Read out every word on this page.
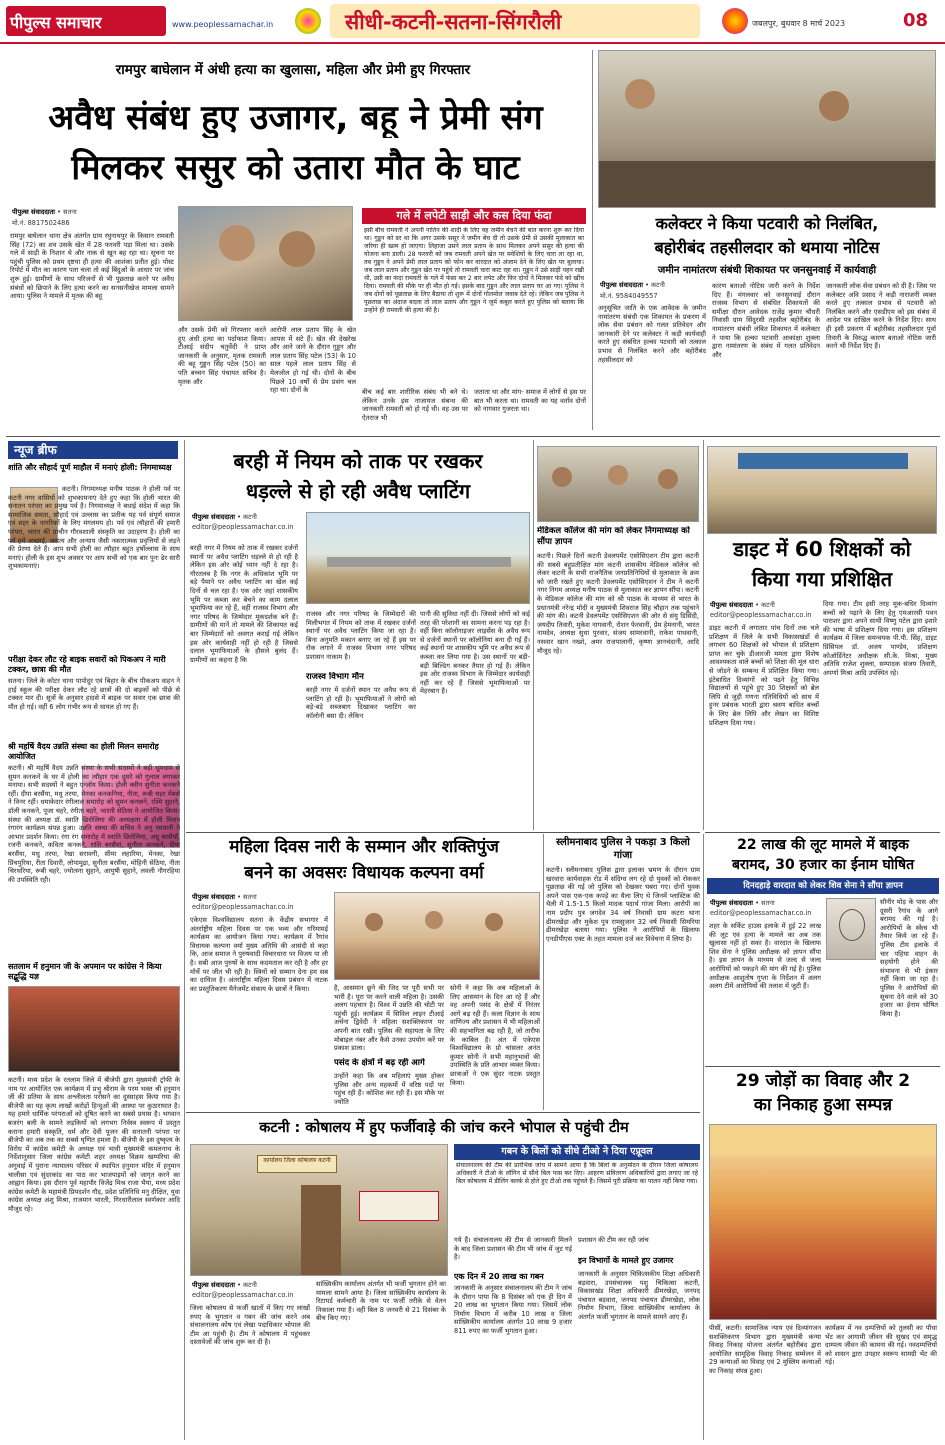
पीपुल्स समाचार	www.peoplessamachar.in	सीधी-कटनी-सतना-सिंगरौली	जबलपुर, बुधवार 8 मार्च 2023	08
रामपुर बाघेलान में अंधी हत्या का खुलासा, महिला और प्रेमी हुए गिरफ्तार
अवैध संबंध हुए उजागर, बहू ने प्रेमी संग
मिलकर ससुर को उतारा मौत के घाट
पीपुल्स संवाददाता • सतना
मो.नं. 8817502486
रामपुर बाघेलान थाना क्षेत्र अंतर्गत ग्राम रघुनाथपुर के किसान रामवती सिंह (72) का शव उसके खेत में 28 फरवरी पड़ा मिला था। उसके गले में साड़ी के निशान थे और नाक से खून बह रहा था। सूचना पर पहुंची पुलिस को प्रथम दृष्टया ही हत्या की आशंका प्रतीत हुई। पोस्ट रिपोर्ट में मौत का कारण पता चला तो कई बिंदुओं के आधार पर जांच शुरू हुई। ग्रामीणों के साथ परिजनों से भी पूछताछ करने पर अवैध संबंधों को छिपाने के लिए हत्या करने का सनसनीखेज मामला सामने आया। पुलिस ने मामले में मृतक की बहू
और उसके प्रेमी को गिरफ्तार करते हुए अंधी हत्या का पर्दाफाश किया। टीआई संदीप चतुर्वेदी ने प्राप्त जानकारी के अनुसार, मृतक रामवती की बहू गुड्डन सिंह पटेल (50) का पति बच्चन सिंह पंचायत सचिव है। मृतक और
आरोपी लाल प्रताप सिंह के खेत आपस में सटे हैं। खेत की देखरेख और आने जाने के दौरान गुड्डन और लाल प्रताप सिंह पटेल (53) के 10 साल पहले लाल प्रताप सिंह से मेलजोल हो गई थी। दोनों के बीच पिछले 10 वर्षों से प्रेम प्रसंग चल रहा था। दोनों के	बीच कई बार शारीरिक संबंध भी बने थे। लेकिन उनके इस नाजायज संबन्ध की जानकारी रामवती को हो गई थी। वह उस पर ऐतराज भी
जताता था और मांग- समाज में लोगों से इस पर बात भी करता था। रामवती का यह वर्ताव दोनों को नागवार गुजरता था।
गले में लपेटी साड़ी और कस दिया फंदा
इसी बीच रामवती ने अपनी नातिन की शादी के लिए वह जमीन बेचने की बात करना शुरू कर दिया था। गुड्डन को डर था कि अगर उसके ससुर ने जमीन बेच दी तो उसके प्रेमी से उसकी मुलाकात का जरिया ही खत्म हो जाएगा। लिहाजा उसने लाल प्रताप के साथ मिलकर अपने ससुर की हत्या की योजना बना डाली। 28 फरवरी को जब रामवती अपने खेत पर मवेशियों के लिए चारा ला रहा था, तब गुड्डन ने अपने प्रेमी लाल प्रताप को फोन कर वारदात को अंजाम देने के लिए खेत पर बुलाया। जब लाल प्रताप और गुड्डन खेत पर पहुंचे तो रामवती चारा काट रहा था। गुड्डन ने उसे साड़ी पहन रखी थी, उसी का फंदा रामवती के गले में फंसा कर 2 बार लपेट और फिर दोनों ने मिलकर फंदे को खींच दिया। रामवती की मौके पर ही मौत हो गई। इसके बाद गुड्डन और लाल प्रताप घर आ गए। पुलिस ने जब दोनों को पूछताछ के लिए बैठाया तो शुरू में दोनों गोलमोल जवाब देते रहे। लेकिन जब पुलिस ने पूछताछ का अंदाज बदला तो लाल प्रताप और गुड्डन ने जुर्म कबूल करते हुए पुलिस को बताया कि उन्होंने ही रामवती की हत्या की है।
कलेक्टर ने किया पटवारी को निलंबित,
बहोरीबंद तहसीलदार को थमाया नोटिस
जमीन नामांतरण संबंधी शिकायत पर जनसुनवाई में कार्यवाही
पीपुल्स संवाददाता • कटनी
मो.नं. 9584049557
अनुसूचित जाति के एक आवेदक के जमीन नामांतरण संबंधी एक शिकायत के प्रकरण में लोक सेवा प्रबंधन को गलत प्रतिवेदन और जानकारी देने पर कलेक्टर ने कड़ी कार्यवाही करते हुए संबंधित हल्का पटवारी को तत्काल प्रभाव से निलंबित करने और बहोरीबंद तहसीलदार को
कारण बताओ नोटिस जारी करने के निर्देश दिए हैं। मंगलवार को जनसुनवाई दौरान राजस्व विभाग से संबंधित शिकायतों की समीक्षा दौरान आवेदक राजेंद्र कुमार चौधरी निवासी ग्राम सिंदुरसी तहसील बहोरीबंद के नामांतरण संबंधी लंबित शिकायत में कलेक्टर ने पाया कि हल्का पटवारी आकांक्षा शुक्ला द्वारा नामांतरण के संबंध में गलत प्रतिवेदन और
जानकारी लोक सेवा प्रबंधन को दी है। जिस पर कलेक्टर अवि प्रसाद ने कड़ी नाराजगी व्यक्त करते हुए तत्काल प्रभाव से पटवारी को निलंबित करने और एसडीएम को इस संबंध में आदेश पत्र दाखिल करने के निर्देश दिए। साथ ही इसी प्रकरण में बहोरीबंद तहसीलदार पूर्वा तिवारी के विरुद्ध कारण बताओ नोटिस जारी करने भी निर्देश दिए हैं।
न्यूज ब्रीफ
शांति और सौहार्द पूर्ण माहौल में मनाएं होली: निगमाध्यक्ष
कटनी। निगमाध्यक्ष मनीष पाठक ने होली पर्व पर कटनी नगर वासियों को शुभकामनाएं देते हुए कहा कि होली भारत की सनातन परंपरा का प्रमुख पर्व है। निगमाध्यक्ष ने बधाई संदेश में कहा कि सामाजिक समता, सौहार्द एवं उल्लास का प्रतीक यह पर्व संपूर्ण समाज एवं शहर के नागरिकों के लिए मंगलमय हो। पर्व एवं त्यौहारों की हमारी परंपरा, भारत की प्राचीन गौरवशाली संस्कृति का उदाहरण है। होली का पर्व हमें अच्छाई, असत्य और अन्याय जैसी नकारात्मक प्रवृत्तियों से लड़ने की प्रेरणा देते हैं। आप सभी होली का त्यौहार बहुत हर्षोल्लास के साथ मनाएं। होली के इस शुभ अवसर पर आप सभी को एक बार पुनः ढेर सारी शुभकामनाएं।
परीक्षा देकर लौट रहे बाइक सवारों को पिकअप ने मारी टक्कर, छात्रा की मौत
सतना। जिले के कोटर थाना पापोदुर एवं बिहार के बीच पीकअप वाहन ने हाई स्कूल की परीक्षा देकर लौट रहे छात्रों की दो बाइकों को पीछे से टक्कर मार दी। सूत्रों के अनुसार हादसे में बाइक पर सवार एक छात्रा की मौत हो गई। वहीं 6 लोग गंभीर रूप से घायल हो गए हैं।
श्री महर्षि वैदय उन्नति संस्था का होली मिलन समारोह आयोजित
कटनी। श्री महर्षि वैदय उन्नति संस्था के सभी सदस्यों ने बड़ी धूमधाम से सुमन कनकने के घर में होली का त्यौहार एक दूसरे को गुलाल लगाकर मनाया। सभी सदस्यों ने बहुत एन्जॉय किया। होली क्वीन सुनीता कनकने रहीं। दीपा बरसैंया, मधु तरया, मेनका कनकनिया, नीता, रूबी चहर मेंबर्स ने विनर रहीं। धमाकेदार रंगीलाल समारोह को सुमन कनकने, रश्मि सुहाने, डॉली कनकने, पूजा चहरे, रंगीता बहरे, भारती सेठिया ने आयोजित किया। संस्था की अध्यक्ष डॉ. स्वाति छिरोलिया की अध्यक्षता में होली मिलन रंगारंग कार्यक्रम संपन्न हुआ। उन्नति संस्था की सचिव ने अनु रसवानी ने आभार प्रदर्शन किया। रंगा रंग समारोह में स्वाति छिरोलिया, अन्नू बरसैंयाँ, रजनी कनकने, कविता कनकने, राशि बरसैंयां, सुनीता कनकने, दीपा बरसैंया, मधु तरया, रेखा सरावगी, सीमा लहारिया, मेनका, रेखा प्रिंचपुरिया, रीता दिवारी, लोपामुद्रा, सुनीता बरसैंया, मोहिनी सेठिया, नीता चिरथरिया, रूबी चहरे, ज्योत्स्ना सुहाने, आयुषी सुहाने, लवली नौगरहिया की उपस्थिति रही।
सतलाम में हनुमान जी के अपमान पर कांग्रेस ने किया सद्बुद्धि यज्ञ
कटनी। मध्य प्रदेश के रतलाम जिले में बीजेपी द्वारा मुख्यमंत्री ट्रॉफी के नाम पर आयोजित एक कार्यक्रम में प्रभु श्रीराम के परम भक्त श्री हनुमान जी की प्रतिमा के साथ अश्लीलता परोसने का दुस्साहस किया गया है। बीजेपी का यह कृत्य लाखों करोड़ों हिन्दुओं की आस्था पर कुठाराघात है। यह हमारे धार्मिक परंपराओं को दूषित करने का सबसे प्रयास है। भगवान बजरंग बली के सामने लड़कियों को लगभग निर्वस्त्र स्वरूप में प्रस्तुत कराना हमारी संस्कृति, धर्म और देवी पूजन की सनातनी परंपरा पर बीजेपी का अब तक का सबसे घृणित हमला है। बीजेपी के इस दुष्कृत्य के विरोध में कांग्रेस कमेटी के अध्यक्ष एवं भावी मुख्यमंत्री कमलनाथ के निर्देशानुसार जिला कांग्रेस कमेटी शहर अध्यक्ष विक्रम खम्परिया की अगुवाई में पुराना न्यायालय परिसर में स्थापित हनुमान मंदिर में हनुमान चालीसा एवं सुंदरकांड का पाठ कर भाजपाइयों को जागृत करने का आह्वान किया। इस दौरान पूर्व महापौर विजेंद्र मिश्र राजा भैया, मध्य प्रदेश कांग्रेस कमेटी के महामंत्री प्रियदर्शन गौड़, प्रदेश प्रतिनिधि मनु दीक्षित, युवा कांग्रेस अध्यक्ष अंशु मिश्रा, राजमान भारती, गिरधारीलाल स्वर्णकार आदि मौजूद रहे।
बरही में नियम को ताक पर रखकर
धड़ल्ले से हो रही अवैध प्लाटिंग
पीपुल्स संवाददाता • कटनी
editor@peoplessamachar.co.in
बरही नगर में नियम को ताक में रखकर दर्जनों स्थानों पर अवैध प्लाटिंग धड़ल्ले से हो रही है लेकिन इस ओर कोई ध्यान नहीं दे रहा है। गौरतलब है कि नगर के अधिकांश भूमि पर बड़े पैमाने पर अवैध प्लाटिंग का खेल कई दिनों से चल रहा है। एक ओर जहां शासकीय भूमि पर कब्जा कर बेचने का काम दलाल भूमाफिया कर रहे हैं, वहीं राजस्व विभाग और नगर परिषद के जिम्मेदार मूकदर्शक बने हैं। ग्रामीणों की मानें तो मामले की शिकायत कई बार जिम्मेदारों को अवगत कराई गई लेकिन इस ओर कार्यवाही नहीं हो रही है जिससे दलाल भूमाफियाओं के हौसले बुलंद हैं। ग्रामीणों का कहना है कि
राजस्व और नगर परिषद के जिम्मेदारों की मिलीभगत में नियम को ताक में रखकर दर्जनों स्थानों पर अवैध प्लाटिंग किया जा रहा है। बिना अनुमति मकान बनाए जा रहे हैं इस पर रोक लगाने में राजस्व विभाग नगर परिषद प्रशासन नाकाम है।
राजस्व विभाग मौन
बरही नगर में दर्जनों स्थान पर अवैध रूप से प्लाटिंग हो रही है। भूमाफियाओं ने लोगों को बड़े-बड़े सब्जबाग दिखाकर प्लाटिंग कर कॉलोनी बसा दी। लेकिन
पानी की सुविधा नहीं दी। जिससे लोगों को कई तरह की परेशानी का सामना करना पड़ रहा है। वहीं बिना कॉलोनाइजर लाइसेंस के अवैध रूप से दर्जनों स्थानों पर कॉलोनियां बना दी गई हैं। कई स्थानों पर शासकीय भूमि पर अवैध रूप से कब्जा कर लिया गया है। उस स्थानों पर बड़ी-बड़ी बिल्डिंग बनकर तैयार हो गई हैं। लेकिन इस ओर राजस्व विभाग के जिम्मेदार कार्यवाही नहीं कर रहे हैं जिससे भूमाफियाओं पर मेहरबान है।
मेडिकल कॉलेज की मांग को लेकर निगमाध्यक्ष को सौंपा ज्ञापन
कटनी। पिछले दिनों कटनी डेवलपमेंट एसोसिएशन टीम द्वारा कटनी की सबसे बहुप्रतीक्षित मांग कटनी शासकीय मेडिकल कॉलेज को लेकर कटनी के सभी राजनैतिक जनप्रतिनिधियों से मुलाकात के क्रम को जारी रखते हुए कटनी डेवलपमेंट एसोसिएशन ने टीम ने कटनी नगर निगम अध्यक्ष मनीष पाठक से मुलाकात कर ज्ञापन सौंपा। कटनी के मेडिकल कॉलेज की मांग को श्री पाठक के माध्यम से भारत के प्रधानमंत्री नरेन्द्र मोदी व मुख्यमंत्री शिवराज सिंह चौहान तक पहुंचाने की मांग की। कटनी डेवलपमेंट एसोसिएशन की ओर से संयु डिसिंदी, जयदीप तिवारी, मुकेश नागवानी, रोशन फेरवानी, प्रेम हेमनानी, भारत नामदेव, अध्यक्ष सुधा पुरवार, संजय सामरवानी, राकेश पाधवानी, नसवार खान नख्शे, अमर राजपालानी, कृष्णा ज्ञानचंदानी, आदि मौजूद रहे।
डाइट में 60 शिक्षकों को
किया गया प्रशिक्षित
पीपुल्स संवाददाता • कटनी
editor@peoplessamachar.co.in
डाइट कटनी में लगातार पांच दिनों तक चले प्रशिक्षण में जिले के सभी विकासखंडों से लगभग 60 शिक्षकों को भोपाल से प्रशिक्षण प्राप्त कर चुके डीआरजी ममता द्वारा विशेष आवश्यकता वाले बच्चों को शिक्षा की मूल धारा से जोड़ने के सम्बन्ध में प्रशिक्षित किया गया। इंटेबाधित दिव्यांगों को पढ़ने हेतु विभिन्न विद्यालयों से पहुंचे हुए 30 शिक्षकों को ब्रेल लिपि से जुड़ी गणना गतिविधियों को साथ में हुनर प्रबंधक भारती द्वारा श्रवण बाधित बच्चों के लिए ब्रेल लिपि और लेखन का विशिष्ट प्रशिक्षण दिया गया।
दिया गया। टीम इसी तरह मूक-बधिर दिव्यांग बच्चों को पढ़ाने के लिए हेतु एमआरसी पवन पाराशर द्वारा अपने साथी विष्णु पटेल द्वारा इशारे की भाषा में प्रशिक्षण दिया गया। इस प्रशिक्षण कार्यक्रम में जिला समन्वयक पी.पी. सिंह, डाइट प्रिंसिपल डॉ. अजय पाण्डेय, प्रशिक्षण कोऑर्डिनेटर अधीक्षक सी.के. मिश्रा, मुख्य अतिथि राजेश शुक्ला, सम्पादक संजय तिवारी, अपर्णा मिश्रा आदि उपस्थित रहे।
महिला दिवस नारी के सम्मान और शक्तिपुंज
बनने का अवसरः विधायक कल्पना वर्मा
पीपुल्स संवाददाता • सतना
editor@peoplessamachar.co.in
एकेएस विश्वविद्यालय सतना के केंद्रीय सभागार में अंतर्राष्ट्रीय महिला दिवस पर एक भव्य और गरिमामई कार्यक्रम का आयोजन किया गया। कार्यक्रम में रैगांव विधायक कल्पना वर्मा मुख्य अतिथि की आसंदी से कहा कि, आज समाज ने पुरुषवादी विचारधारा पर विजय पा ली है। सबी आज पुरुषों के साथ कदमताल कर रही है और हर मोर्चे पर जीत भी रही है। स्त्रियों को सम्मान देना हम सब का दायित्व है। अंतर्राष्ट्रीय महिला दिवस प्रबंधन में नाटक का प्रस्तुतिकरण मैनेजमेंट संकाय के छात्रों ने किया।	है, आसमान छूने की जिद पर पूरी सभी पर भारी है। पूरा पर करने वाली महिला है। उसकी अलग पहचान है। विश्व में उन्नति की चोटी पर पहुंची हुई। कार्यक्रम में सिविल लाइन टीआई अर्चना द्विवेदी ने महिला सशक्तिकरण पर अपनी बात रखी। पुलिस की सहायता के लिए मोबाइल नंबर और कैसे उनका उपयोग करें पर प्रकाश डाला।
पसंद के क्षेत्रों में बढ़ रही आगे
उन्होंने कहा कि अब महिलाएं मुख्य होकर पुलिस और अन्य महकमों में वरिष्ठ पदों पर पहुंच रही हैं। कोशिश कर रही हैं। इस मौके पर ज्योति
सोनी ने कहा कि अब महिलाओं के लिए आसमान के दिन आ रहे हैं और वह अपनी पसंद के क्षेत्रों में निरंतर आगे बढ़ रही हैं। कला विज्ञान के साथ वाणिज्य और प्रशासन में भी महिलाओं की सहभागिता बढ़ रही है, जो तारीफ के काबिल है। अंत में एकेएस विश्वविद्यालय के प्रो चांसलर अनंत कुमार सोनी ने सभी महानुभावों की उपस्थिति के प्रति आभार व्यक्त किया। छात्राओं ने एक सुंदर नाटक प्रस्तुत किया।
स्लीमनाबाद पुलिस ने पकड़ा 3 किलो गांजा
कटनी। स्लीमनाबाद पुलिस द्वारा इलाका भ्रमण के दौरान ग्राम खरवारा कार्यवाहक रोड में संदिग्ध लग रहे दो युवकों को रोककर पूछताछ की गई जो पुलिस को देखकर घबरा गए। दोनों युवक अपने पास एक-एक कपड़े का थैला लिए थे जिनमें प्लास्टिक की थैली में 1.5-1.5 किलो मादक पदार्थ गांजा मिला। आरोपी का नाम प्रदीप पुत्र जगदेव 34 वर्ष निवासी ग्राम कटरा थाना ढीमरखेड़ा और मुकेश पुत्र रामसुजान 32 वर्ष निवासी सिमरिया ढीमरखेड़ा बताया गया। पुलिस ने आरोपियों के खिलाफ एनडीपीएस एक्ट के तहत मामला दर्ज कर विवेचना में लिया है।
22 लाख की लूट मामले में बाइक
बरामद, 30 हजार का ईनाम घोषित
दिनदहाड़े वारदात को लेकर शिव सेना ने सौंपा ज्ञापन
पीपुल्स संवाददाता • सतना
editor@peoplessamachar.co.in
शहर के सर्किट हाउस इलाके में हुई 22 लाख की लूट एवं हत्या के मामले का अब तक खुलासा नहीं हो सका है। वारदात के खिलाफ शिव सेना ने पुलिस अधीक्षक को ज्ञापन सौंपा है। इस ज्ञापन के माध्यम से जल्द से जल्द आरोपियों को पकड़ने की मांग की गई है। पुलिस अधीक्षक आशुतोष गुप्ता के निर्देशन में अलग अलग टीमें आरोपियों की तलाश में जुटी हैं।
सौनीर मोड़ के पास और दूसरी रैगांव के आगे बरामद की गई है। आरोपियों के स्केच भी तैयार किये जा रहे हैं। पुलिस टीम इलाके में चार पहिया वाहन के सहयोगी होने की संभावना से भी इंकार नहीं किया जा रहा है। पुलिस ने आरोपियों की सूचना देने वाले को 30 हजार का ईनाम घोषित किया है।
29 जोड़ों का विवाह और 2
का निकाह हुआ सम्पन्न
पीसीं, कटनी। सामाजिक न्याय एवं दिव्यांगजन सशक्तिकरण विभाग द्वारा मुख्यमंत्री कन्या विवाह निकाह योजना अंतर्गत बहोरीबंद द्वारा आयोजित सामूहिक विवाह निकाह सम्मेलन में 29 कन्याओं का विवाह एवं 2 मुस्लिम कन्याओं का निकाह संपन्न हुआ।
कार्यक्रम में नव दम्पत्तियों को तुलसी का पौधा भेंट कर आगामी जीवन की सुखद एवं समृद्ध दाम्पत्य जीवन की कामना की गई। नवदम्पत्तियों को शासन द्वारा उपहार स्वरूप सामग्री भेंट की गई।
कटनी : कोषालय में हुए फर्जीवाड़े की जांच करने भोपाल से पहुंची टीम
गबन के बिलों को सीधे टीओ ने दिया एप्रूवल
संचालनालय की टीम की प्रारंभिक जांच में सामने आया है कि बिलों के अनुमोदन के दौरान जिला कोषालय अधिकारी ने टीओ के लॉगिन से सीधे बिल पास कर दिए। आहरण संवितरण अधिकारियों द्वारा लगाए जा रहे बिल कोषालय में डीलिंग क्लर्क से होते हुए टीओ तक पहुंचते हैं। जिसमें पूरी प्रक्रिया का पालन नहीं किया गया।
कार्यालय जिला कोषालय कटनी
पीपुल्स संवाददाता • कटनी
editor@peoplessamachar.co.in
जिला कोषालय से फर्जी खातों में किए गए लाखों रुपए के भुगतान व गबन की जांच करने अब संचालनालय कोष एवं लेखा पदाधिकार भोपाल की टीम आ पहुंची है। टीम ने कोषालय में पहुंचकर दस्तावेजों की जांच शुरू कर दी है।
सांख्यिकीय कार्यालय अंतर्गत भी फर्जी भुगतान होने का मामला सामने आया है। जिला सांख्यिकीय कार्यालय के रिटायर्ड कर्मचारी के नाम पर फर्जी तरीके से वेतन निकाला गया है। वहीं बिल 8 जनवरी से 21 दिसंबर के बीच किए गए।
गये हैं। संचालनालय की टीम से जानकारी मिलने के बाद जिला प्रशासन की टीम भी जांच में जुट गई है।
एक दिन में 20 लाख का गबन
जानकारी के अनुसार संचालनालय की टीम ने जांच के दौरान पाया कि 8 दिसंबर को एक ही दिन में 20 लाख का भुगतान किया गया। जिसमें लोक निर्माण विभाग में करीब 10 लाख व जिला सांख्यिकीय कार्यालय अंतर्गत 10 लाख 9 हजार 811 रुपए का फर्जी भुगतान हुआ।
प्रशासन की टीम कर रही जांच
इन विभागों के मामले हुए उजागर
जानकारी के अनुसार चिकित्सकीय शिक्षा अधिकारी बड़वारा, उपसंचालक पशु चिकित्सा कटनी, विकासखंड शिक्षा अधिकारी ढीमरखेड़ा, जनपद पंचायत बड़वारा, जनपद पंचायत ढीमरखेड़ा, लोक निर्माण विभाग, जिला सांख्यिकीय कार्यालय के अंतर्गत फर्जी भुगतान के मामले सामने आए हैं।
